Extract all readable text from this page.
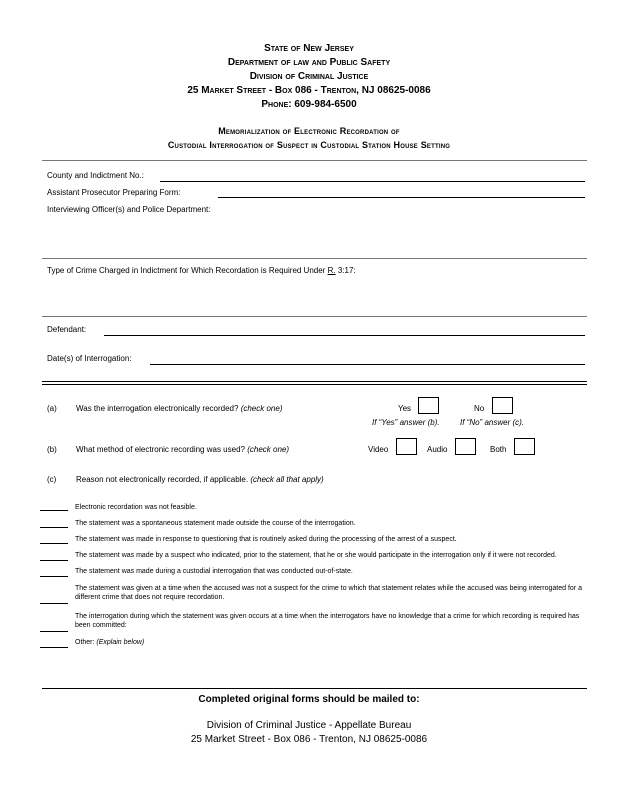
State of New Jersey
Department of law and Public Safety
Division of Criminal Justice
25 Market Street - Box 086 - Trenton, NJ 08625-0086
Phone: 609-984-6500
Memorialization of Electronic Recordation of
Custodial Interrogation of Suspect in Custodial Station House Setting
County and Indictment No.:
Assistant Prosecutor Preparing Form:
Interviewing Officer(s) and Police Department:
Type of Crime Charged in Indictment for Which Recordation is Required Under R. 3:17:
Defendant:
Date(s) of Interrogation:
(a) Was the interrogation electronically recorded? (check one)	Yes	No
If “Yes” answer (b).	If “No” answer (c).
(b) What method of electronic recording was used? (check one)	Video	Audio	Both
(c) Reason not electronically recorded, if applicable. (check all that apply)
Electronic recordation was not feasible.
The statement was a spontaneous statement made outside the course of the interrogation.
The statement was made in response to questioning that is routinely asked during the processing of the arrest of a suspect.
The statement was made by a suspect who indicated, prior to the statement, that he or she would participate in the interrogation only if it were not recorded.
The statement was made during a custodial interrogation that was conducted out-of-state.
The statement was given at a time when the accused was not a suspect for the crime to which that statement relates while the accused was being interrogated for a different crime that does not require recordation.
The interrogation during which the statement was given occurs at a time when the interrogators have no knowledge that a crime for which recording is required has been committed:
Other: (Explain below)
Completed original forms should be mailed to:
Division of Criminal Justice - Appellate Bureau
25 Market Street - Box 086 - Trenton, NJ 08625-0086
